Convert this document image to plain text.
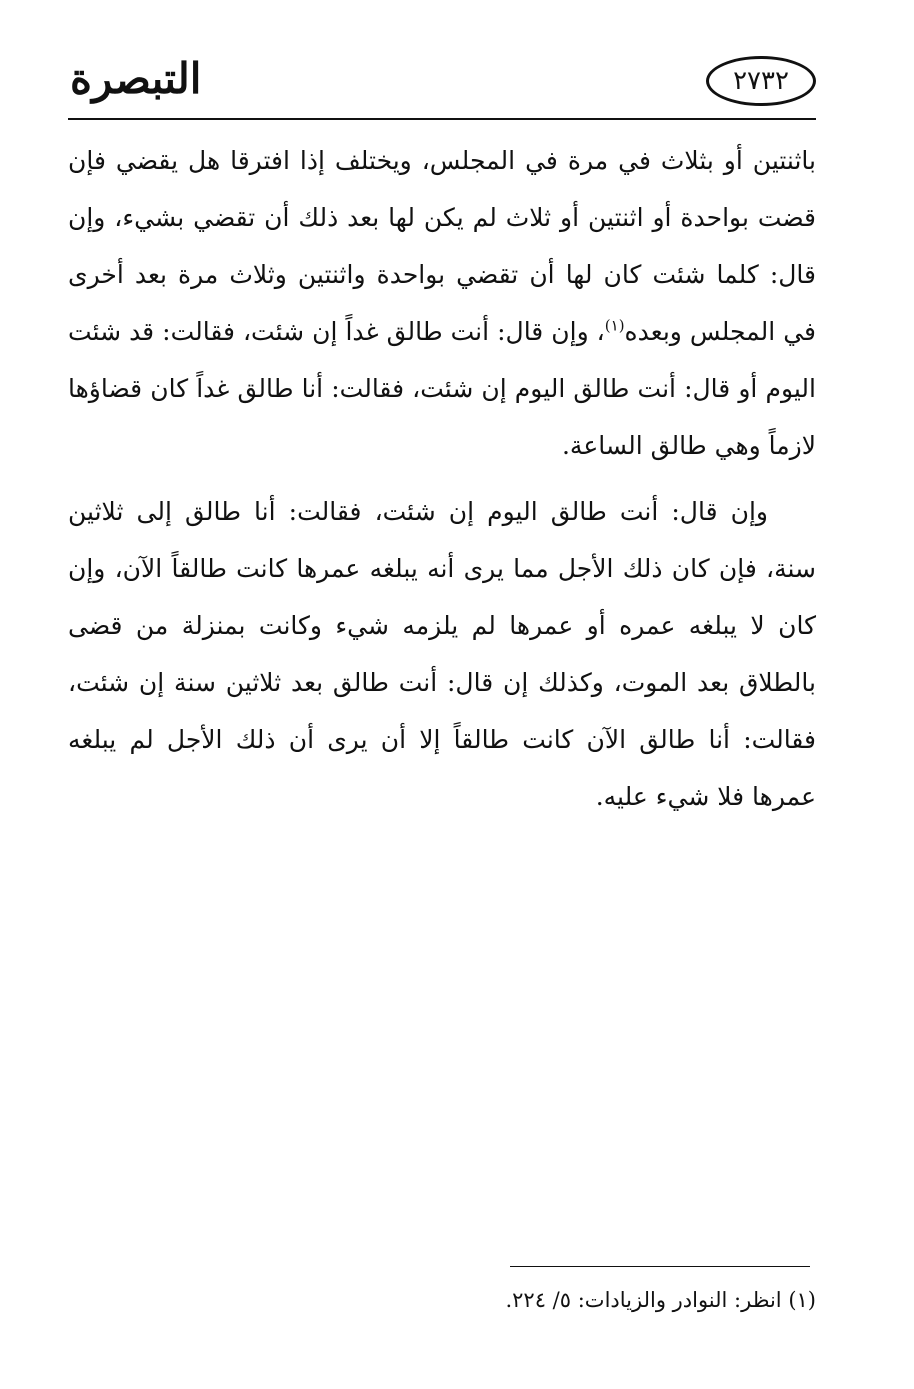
التبصرة	٢٧٣٢

باثنتين أو بثلاث في مرة في المجلس، ويختلف إذا افترقا هل يقضي فإن قضت بواحدة أو اثنتين أو ثلاث لم يكن لها بعد ذلك أن تقضي بشيء، وإن قال: كلما شئت كان لها أن تقضي بواحدة واثنتين وثلاث مرة بعد أخرى في المجلس وبعده$^{(١)}$، وإن قال: أنت طالق غداً إن شئت، فقالت: قد شئت اليوم أو قال: أنت طالق اليوم إن شئت، فقالت: أنا طالق غداً كان قضاؤها لازماً وهي طالق الساعة.

وإن قال: أنت طالق اليوم إن شئت، فقالت: أنا طالق إلى ثلاثين سنة، فإن كان ذلك الأجل مما يرى أنه يبلغه عمرها كانت طالقاً الآن، وإن كان لا يبلغه عمره أو عمرها لم يلزمه شيء وكانت بمنزلة من قضى بالطلاق بعد الموت، وكذلك إن قال: أنت طالق بعد ثلاثين سنة إن شئت، فقالت: أنا طالق الآن كانت طالقاً إلا أن يرى أن ذلك الأجل لم يبلغه عمرها فلا شيء عليه.

(١) انظر: النوادر والزيادات: ٥/ ٢٢٤.
